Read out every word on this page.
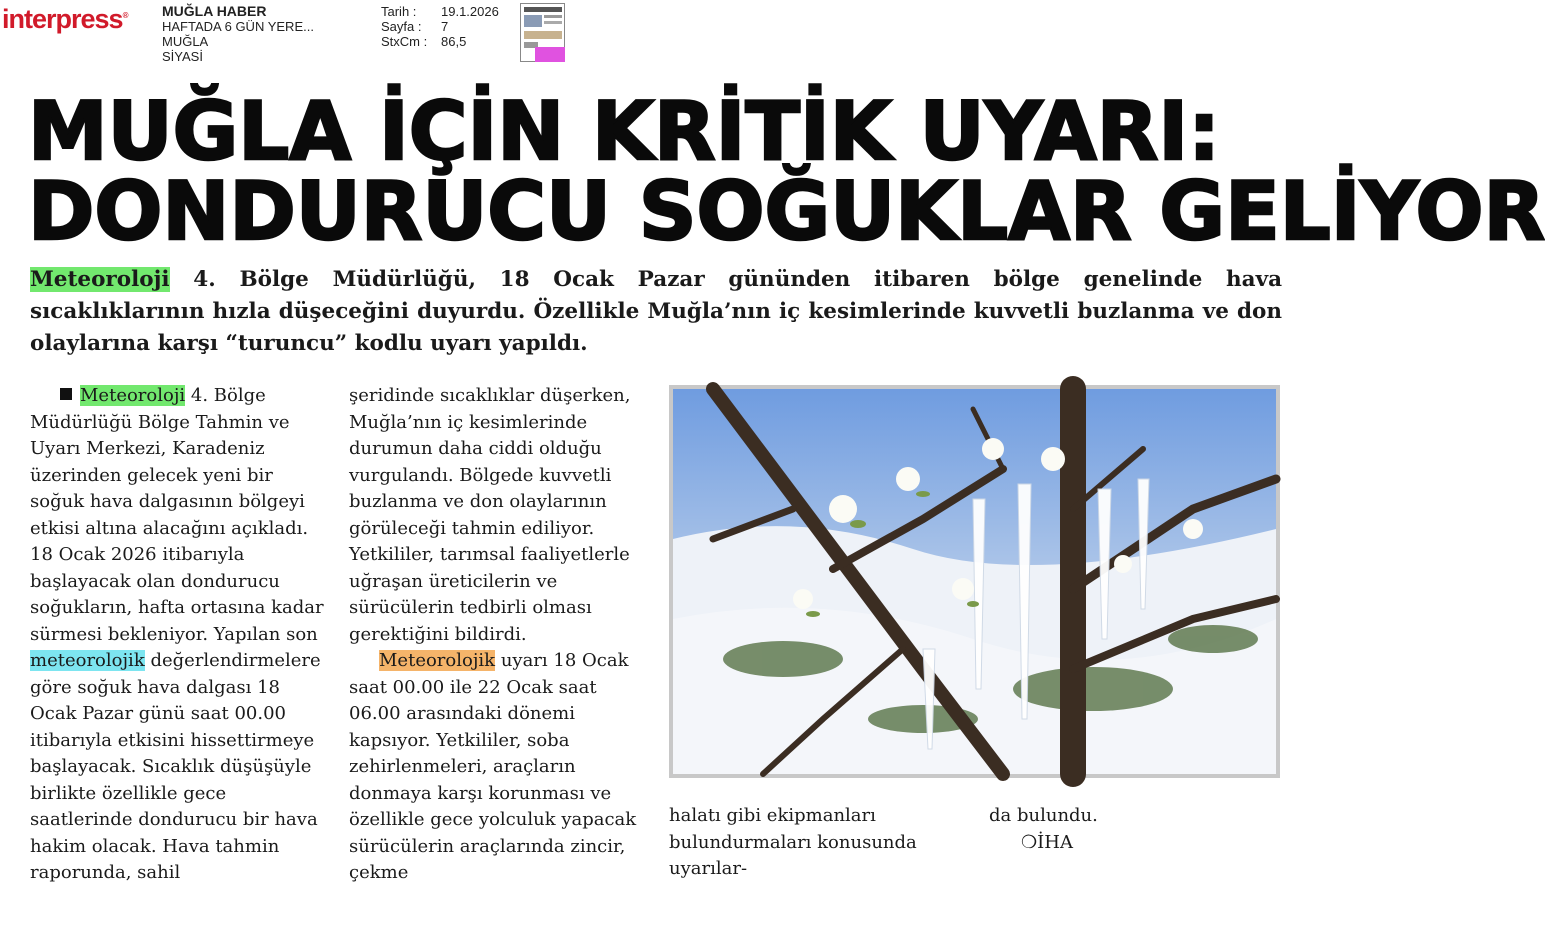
interpress® MUĞLA HABER
HAFTADA 6 GÜN YERE...
MUĞLA
SİYASİ
Tarih :	19.1.2026
Sayfa :	7
StxCm :	86,5
MUĞLA İÇİN KRİTİK UYARI:
DONDURUCU SOĞUKLAR GELİYOR

Meteoroloji 4. Bölge Müdürlüğü, 18 Ocak Pazar gününden itibaren bölge genelinde hava sıcaklıklarının hızla düşeceğini duyurdu. Özellikle Muğla’nın iç kesimlerinde kuvvetli buzlanma ve don olaylarına karşı “turuncu” kodlu uyarı yapıldı.

Meteoroloji 4. Bölge Müdürlüğü Bölge Tahmin ve Uyarı Merkezi, Karadeniz üzerinden gelecek yeni bir soğuk hava dalgasının bölgeyi etkisi altına alacağını açıkladı. 18 Ocak 2026 itibarıyla başlayacak olan dondurucu soğukların, hafta ortasına kadar sürmesi bekleniyor. Yapılan son meteorolojik değerlendirmelere göre soğuk hava dalgası 18 Ocak Pazar günü saat 00.00 itibarıyla etkisini hissettirmeye başlayacak. Sıcaklık düşüşüyle birlikte özellikle gece saatlerinde dondurucu bir hava hakim olacak. Hava tahmin raporunda, sahil
şeridinde sıcaklıklar düşerken, Muğla’nın iç kesimlerinde durumun daha ciddi olduğu vurgulandı. Bölgede kuvvetli buzlanma ve don olaylarının görüleceği tahmin ediliyor. Yetkililer, tarımsal faaliyetlerle uğraşan üreticilerin ve sürücülerin tedbirli olması gerektiğini bildirdi.
Meteorolojik uyarı 18 Ocak saat 00.00 ile 22 Ocak saat 06.00 arasındaki dönemi kapsıyor. Yetkililer, soba zehirlenmeleri, araçların donmaya karşı korunması ve özellikle gece yolculuk yapacak sürücülerin araçlarında zincir, çekme
halatı gibi ekipmanları bulundurmaları konusunda uyarılar-
da bulundu.
❍İHA
